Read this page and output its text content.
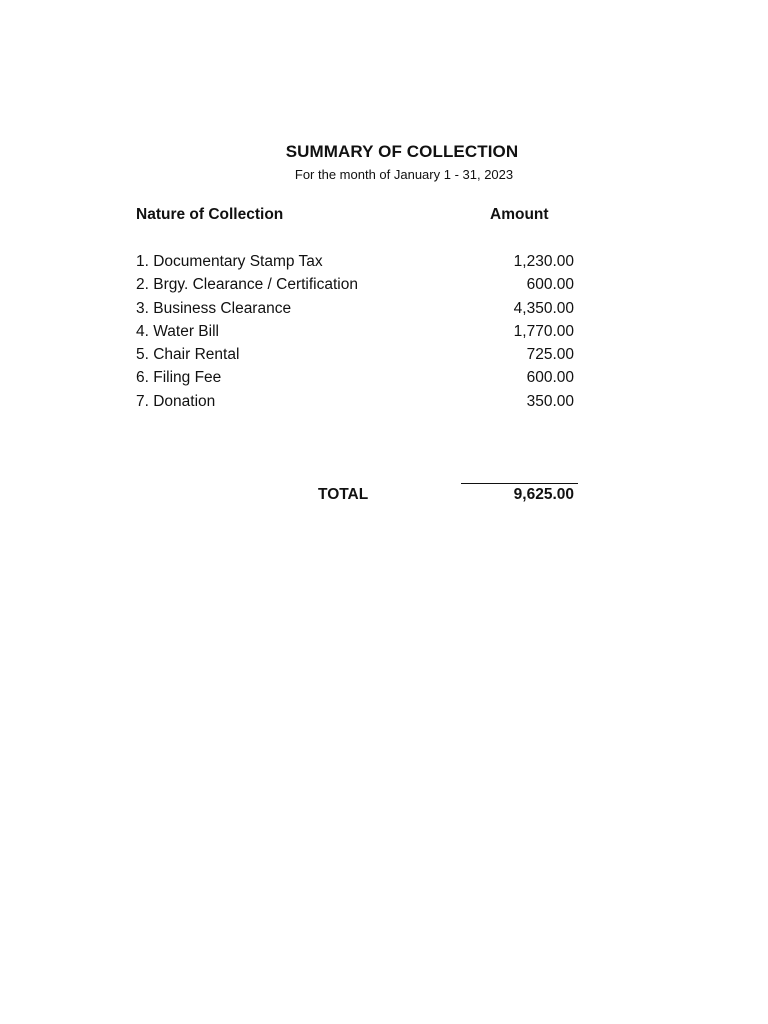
SUMMARY OF COLLECTION
For the month of January 1 - 31, 2023
Nature of Collection	Amount
1. Documentary Stamp Tax	1,230.00
2. Brgy. Clearance / Certification	600.00
3. Business Clearance	4,350.00
4. Water Bill	1,770.00
5. Chair Rental	725.00
6. Filing Fee	600.00
7. Donation	350.00
TOTAL	9,625.00
